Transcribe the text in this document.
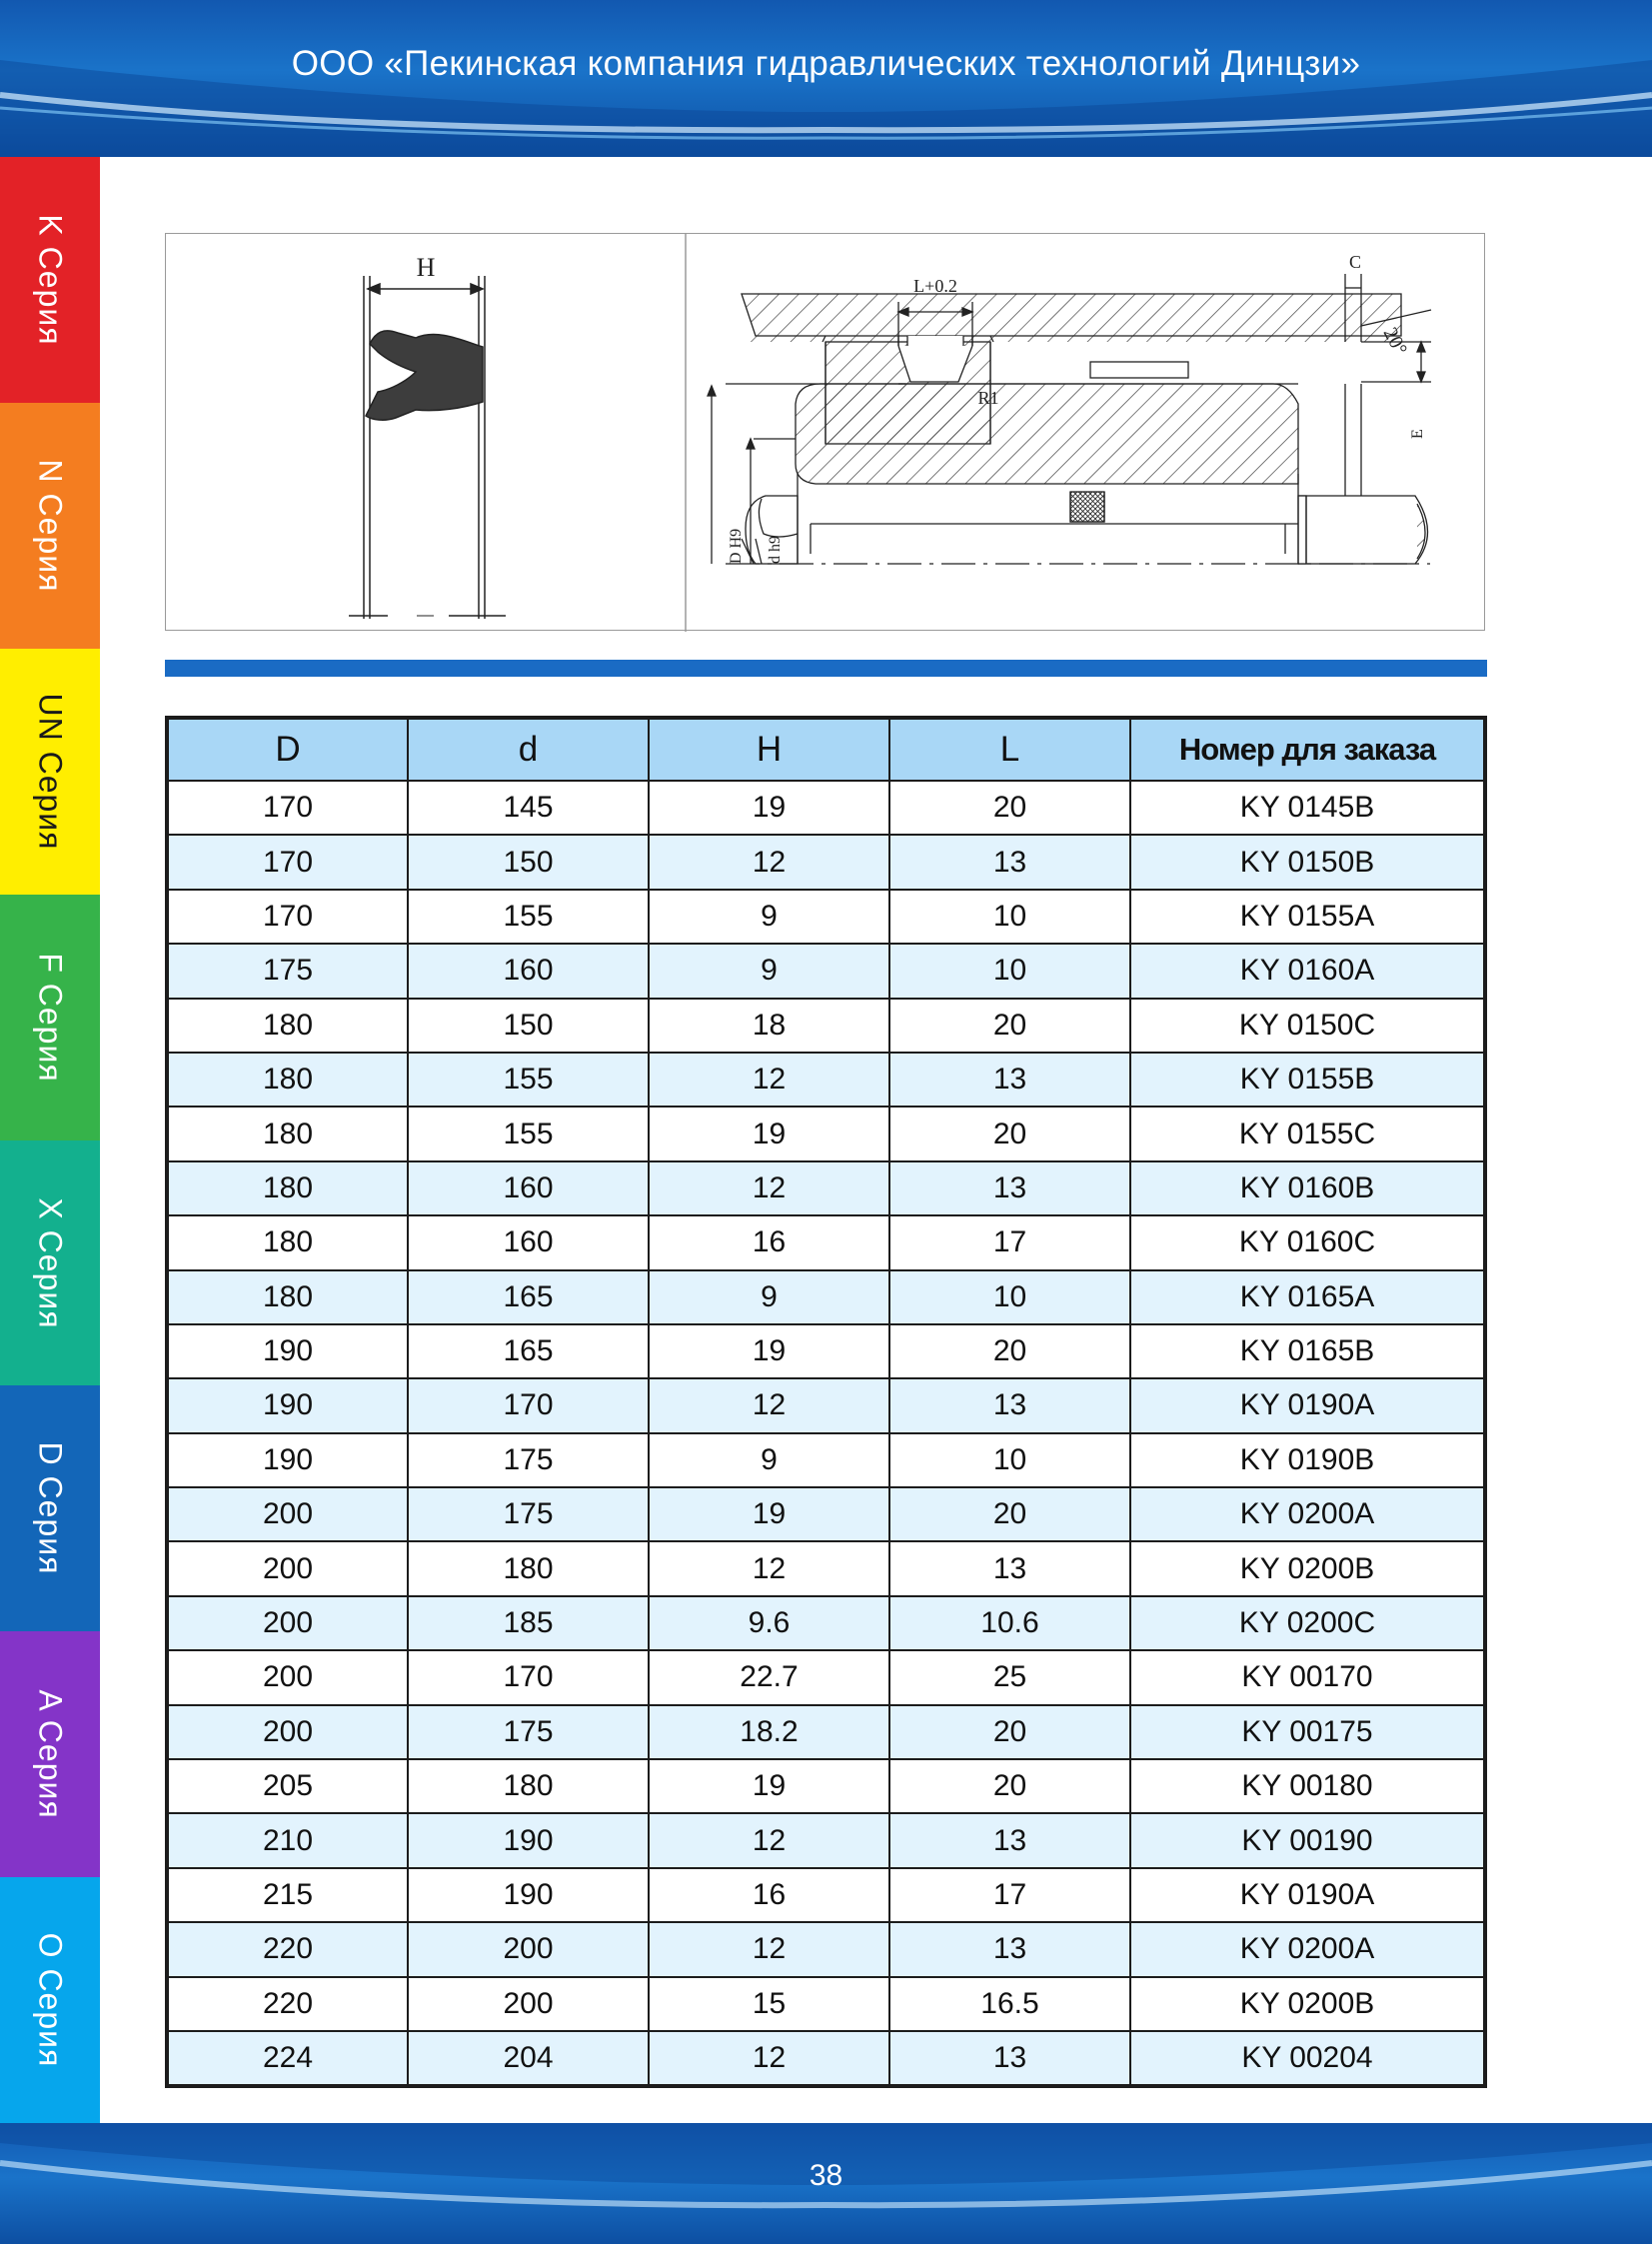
ООО «Пекинская компания гидравлических технологий Динцзи»
K Серия
N Серия
UN Серия
F Серия
X Серия
D Серия
A Серия
O Серия
H
L+0.2
C
20°
R1
E
D H9 d h9
D	d	H	L	Номер для заказа
170	145	19	20	KY 0145B
170	150	12	13	KY 0150B
170	155	9	10	KY 0155A
175	160	9	10	KY 0160A
180	150	18	20	KY 0150C
180	155	12	13	KY 0155B
180	155	19	20	KY 0155C
180	160	12	13	KY 0160B
180	160	16	17	KY 0160C
180	165	9	10	KY 0165A
190	165	19	20	KY 0165B
190	170	12	13	KY 0190A
190	175	9	10	KY 0190B
200	175	19	20	KY 0200A
200	180	12	13	KY 0200B
200	185	9.6	10.6	KY 0200C
200	170	22.7	25	KY 00170
200	175	18.2	20	KY 00175
205	180	19	20	KY 00180
210	190	12	13	KY 00190
215	190	16	17	KY 0190A
220	200	12	13	KY 0200A
220	200	15	16.5	KY 0200B
224	204	12	13	KY 00204
38
